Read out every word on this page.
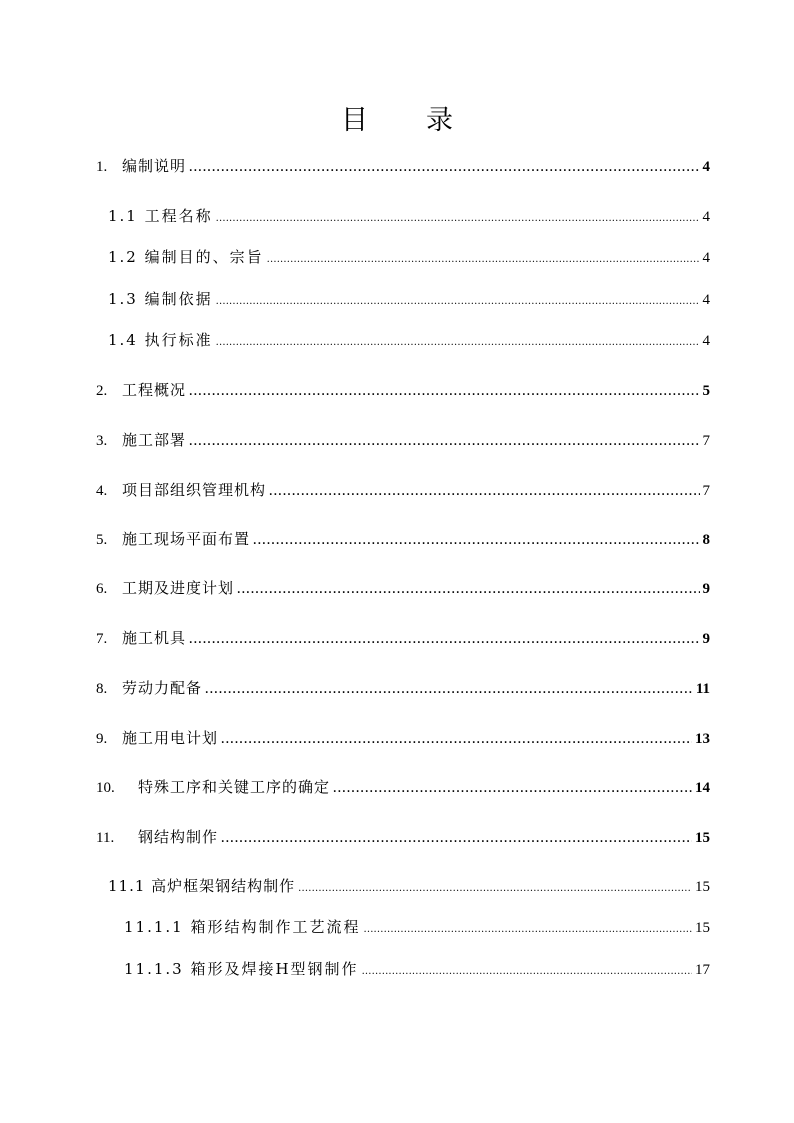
目录
1. 编制说明 . . .	4
1.1 工程名称 . . .	4
1.2 编制目的、宗旨 . . .	4
1.3 编制依据 . . .	4
1.4 执行标准 . . .	4
2. 工程概况 . . .	5
3. 施工部署 . . .	7
4. 项目部组织管理机构 . . .	7
5. 施工现场平面布置 . . .	8
6. 工期及进度计划 . . .	9
7. 施工机具 . . .	9
8. 劳动力配备 . . .	11
9. 施工用电计划 . . .	13
10.	特殊工序和关键工序的确定 . . .	14
11.	钢结构制作 . . .	15
11.1 高炉框架钢结构制作 . . .	15
11.1.1 箱形结构制作工艺流程 . . .	15
11.1.3 箱形及焊接H型钢制作 . . .	17
